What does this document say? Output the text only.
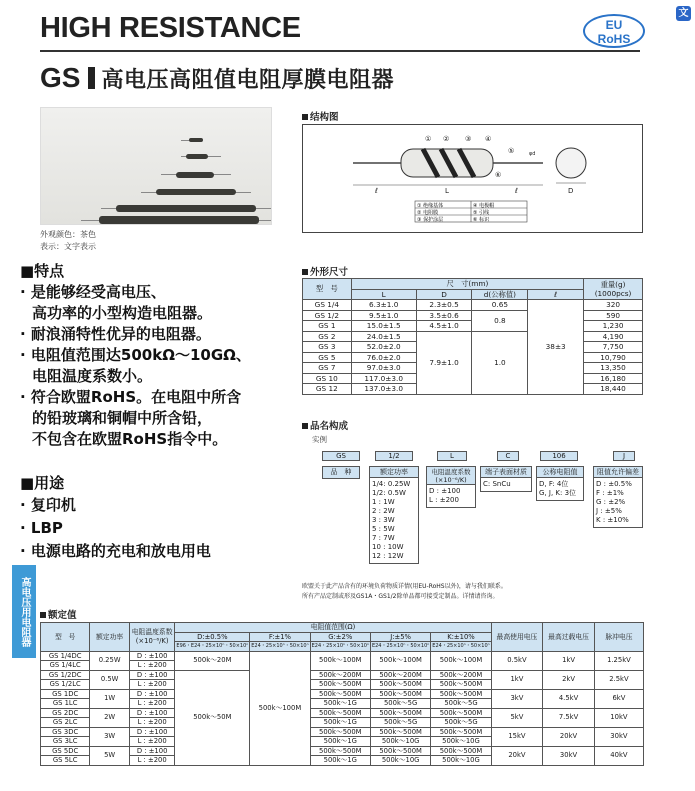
HIGH RESISTANCE	EU
RoHS
文
GS 高电压高阻值电阻厚膜电阻器
外观颜色：茶色
表示：文字表示
结构图
① ② ③ ④
⑤
⑥
ℓ	L	ℓ	D
φd
① 绝缘基体	④ 电极帽
② 电阻膜	⑤ 引线
③ 保护涂层	⑥ 标识
外形尺寸
型　号	尺　寸(mm)				重量(g)
(1000pcs)
	L	D	d(公称值)	ℓ	
GS 1/4	6.3±1.0	2.3±0.5	0.65	38±3	320
GS 1/2	9.5±1.0	3.5±0.6	0.8		590
GS 1	15.0±1.5	4.5±1.0			1,230
GS 2	24.0±1.5	7.9±1.0	1.0		4,190
GS 3	52.0±2.0				7,750
GS 5	76.0±2.0				10,790
GS 7	97.0±3.0				13,350
GS 10	117.0±3.0				16,180
GS 12	137.0±3.0				18,440
■特点
· 是能够经受高电压、
高功率的小型构造电阻器。
· 耐浪涌特性优异的电阻器。
· 电阻值范围达500kΩ～10GΩ、
电阻温度系数小。
· 符合欧盟RoHS。在电阻中所含
的铅玻璃和铜帽中所含铅，
不包含在欧盟RoHS指令中。
■用途
· 复印机
· LBP
· 电源电路的充电和放电用电
品名构成
实例
GS	1/2	L	C	106	J
品　种	额定功率
1/4: 0.25W
1/2: 0.5W
1 : 1W
2 : 2W
3 : 3W
5 : 5W
7 : 7W
10 : 10W
12 : 12W
电阻温度系数 (×10⁻⁶/K)
D : ±100
L : ±200
端子表面材质
C: SnCu
公称电阻值
D, F: 4位
G, J, K: 3位
阻值允许偏差
D : ±0.5%
F : ±1%
G : ±2%
J : ±5%
K : ±10%
欧盟关于此产品含有的环境负荷物质详情(用EU-RoHS以外)，请与我们联系。
所有产品定制或形及GS1A・GS1/2除单品都可接受定制品。详情请咨询。
高电压用电阻器	额定值
型　号	额定功率	电阻温度系数 (×10⁻⁶/K)	电阻值范围(Ω)					最高使用电压	最高过载电压	脉冲电压
			D:±0.5%	F:±1%	G:±2%	J:±5%	K:±10%			
			E96・E24・25×10ⁿ・50×10ⁿ	E24・25×10ⁿ・50×10ⁿ	E24・25×10ⁿ・50×10ⁿ	E24・25×10ⁿ・50×10ⁿ	E24・25×10ⁿ・50×10ⁿ			
GS 1/4DC	0.25W	D : ±100	500k～20M	500k～100M	500k～100M	500k～100M	500k～100M	0.5kV	1kV	1.25kV
GS 1/4LC		L : ±200								
GS 1/2DC	0.5W	D : ±100	500k～50M		500k～200M	500k～200M	500k～200M	1kV	2kV	2.5kV
GS 1/2LC		L : ±200			500k～500M	500k～500M	500k～500M			
GS 1DC	1W	D : ±100			500k～500M	500k～500M	500k～500M	3kV	4.5kV	6kV
GS 1LC		L : ±200			500k～1G	500k～5G	500k～5G			
GS 2DC	2W	D : ±100			500k～500M	500k～500M	500k～500M	5kV	7.5kV	10kV
GS 2LC		L : ±200			500k～1G	500k～5G	500k～5G			
GS 3DC	3W	D : ±100			500k～500M	500k～500M	500k～500M	15kV	20kV	30kV
GS 3LC		L : ±200			500k～1G	500k～10G	500k～10G			
GS 5DC	5W	D : ±100			500k～500M	500k～500M	500k～500M	20kV	30kV	40kV
GS 5LC		L : ±200			500k～1G	500k～10G	500k～10G			
